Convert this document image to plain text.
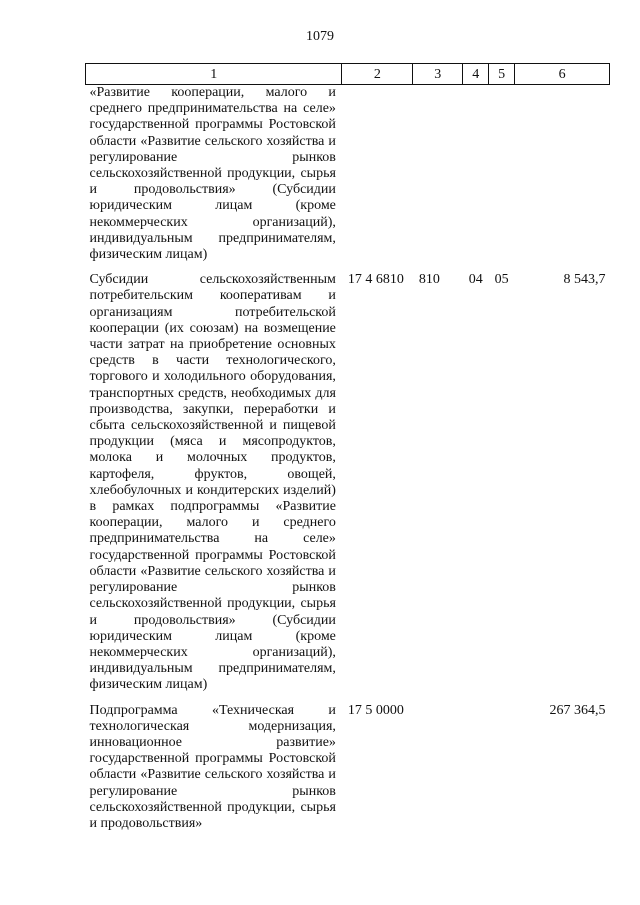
1079
1	2	3	4	5	6
«Развитие кооперации, малого и среднего предпринимательства на селе» государственной программы Ростовской области «Развитие сельского хозяйства и регулирование рынков сельскохозяйственной продукции, сырья и продовольствия» (Субсидии юридическим лицам (кроме некоммерческих организаций), индивидуальным предпринимателям, физическим лицам)					
Субсидии сельскохозяйственным потребительским кооперативам и организациям потребительской кооперации (их союзам) на возмещение части затрат на приобретение основных средств в части технологического, торгового и холодильного оборудования, транспортных средств, необходимых для производства, закупки, переработки и сбыта сельскохозяйственной и пищевой продукции (мяса и мясопродуктов, молока и молочных продуктов, картофеля, фруктов, овощей, хлебобулочных и кондитерских изделий) в рамках подпрограммы «Развитие кооперации, малого и среднего предпринимательства на селе» государственной программы Ростовской области «Развитие сельского хозяйства и регулирование рынков сельскохозяйственной продукции, сырья и продовольствия» (Субсидии юридическим лицам (кроме некоммерческих организаций), индивидуальным предпринимателям, физическим лицам)	17 4 6810	810	04	05	8 543,7
Подпрограмма «Техническая и технологическая модернизация, инновационное развитие» государственной программы Ростовской области «Развитие сельского хозяйства и регулирование рынков сельскохозяйственной продукции, сырья и продовольствия»	17 5 0000				267 364,5
